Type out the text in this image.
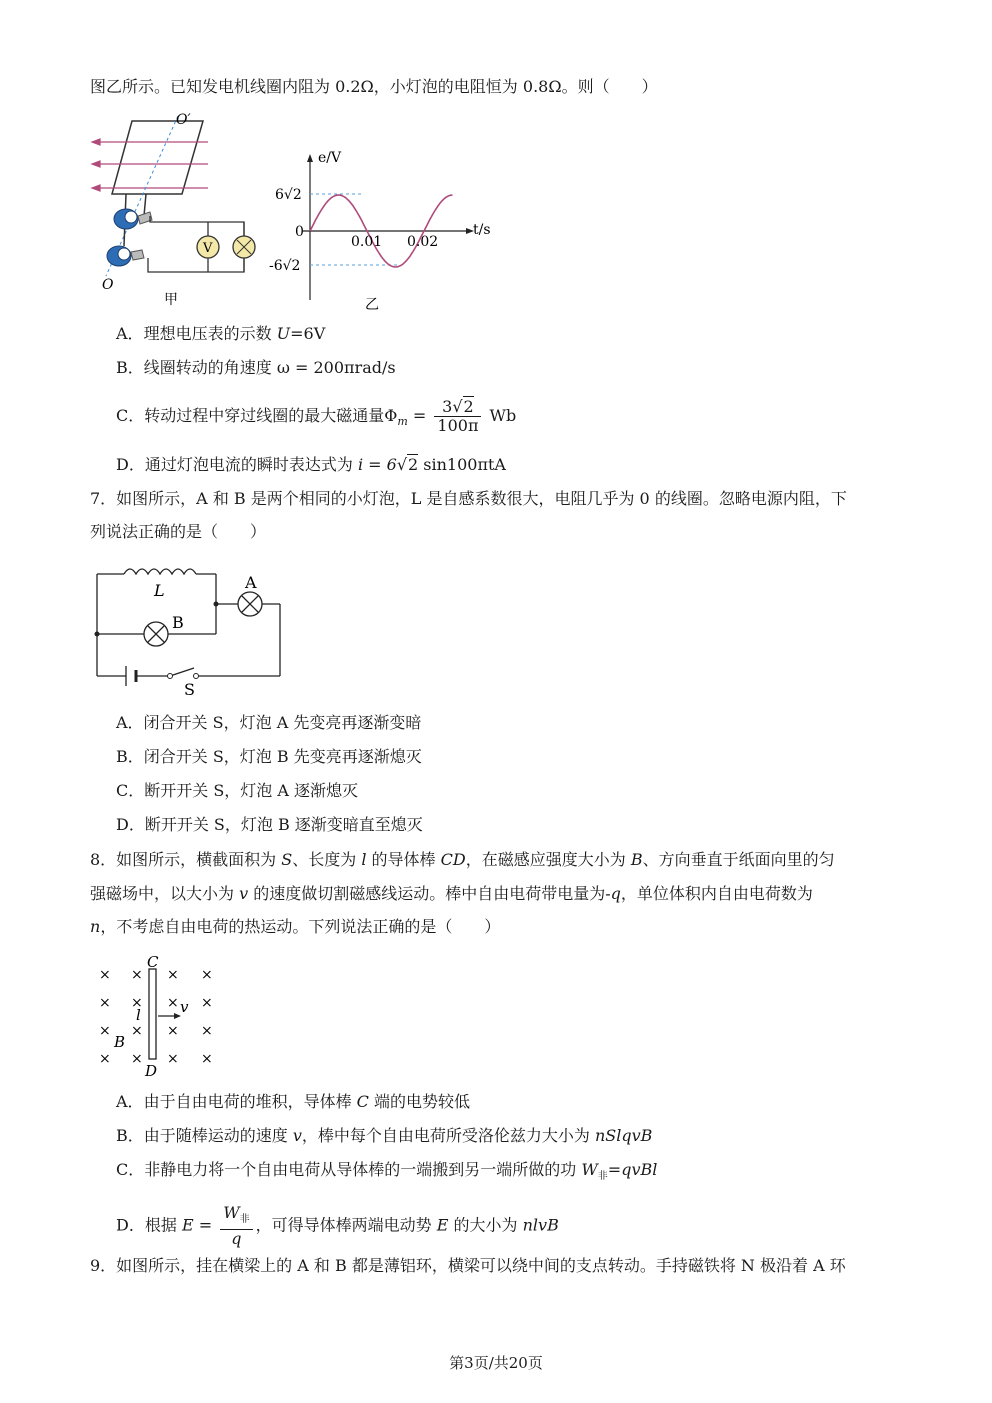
图乙所示。已知发电机线圈内阻为 0.2Ω，小灯泡的电阻恒为 0.8Ω。则（　　）
V
O′
O
甲
e/V
t/s
6√2
0
-6√2
0.01 0.02
乙
A．理想电压表的示数 U=6V
B．线圈转动的角速度 ω = 200πrad/s
C．转动过程中穿过线圈的最大磁通量$\Phi_m = \frac{3√2}{100\pi}$ Wb
D．通过灯泡电流的瞬时表达式为 i = 6√2 sin100πtA
7．如图所示，A 和 B 是两个相同的小灯泡，L 是自感系数很大，电阻几乎为 0 的线圈。忽略电源内阻，下
列说法正确的是（　　）
L	A
B
S
A．闭合开关 S，灯泡 A 先变亮再逐渐变暗
B．闭合开关 S，灯泡 B 先变亮再逐渐熄灭
C．断开开关 S，灯泡 A 逐渐熄灭
D．断开开关 S，灯泡 B 逐渐变暗直至熄灭
8．如图所示，横截面积为 S、长度为 l 的导体棒 CD，在磁感应强度大小为 B、方向垂直于纸面向里的匀
强磁场中，以大小为 v 的速度做切割磁感线运动。棒中自由电荷带电量为-q，单位体积内自由电荷数为
n，不考虑自由电荷的热运动。下列说法正确的是（　　）
× × × ×
× × × ×
× × × ×
× × × ×
C
D
l	v
B
A．由于自由电荷的堆积，导体棒 C 端的电势较低
B．由于随棒运动的速度 v，棒中每个自由电荷所受洛伦兹力大小为 nSlqvB
C．非静电力将一个自由电荷从导体棒的一端搬到另一端所做的功 $W_非=qvBl$
D．根据 $E = \frac{W_非}{q}$ ，可得导体棒两端电动势 E 的大小为 nlvB
9．如图所示，挂在横梁上的 A 和 B 都是薄铝环，横梁可以绕中间的支点转动。手持磁铁将 N 极沿着 A 环
第3页/共20页
